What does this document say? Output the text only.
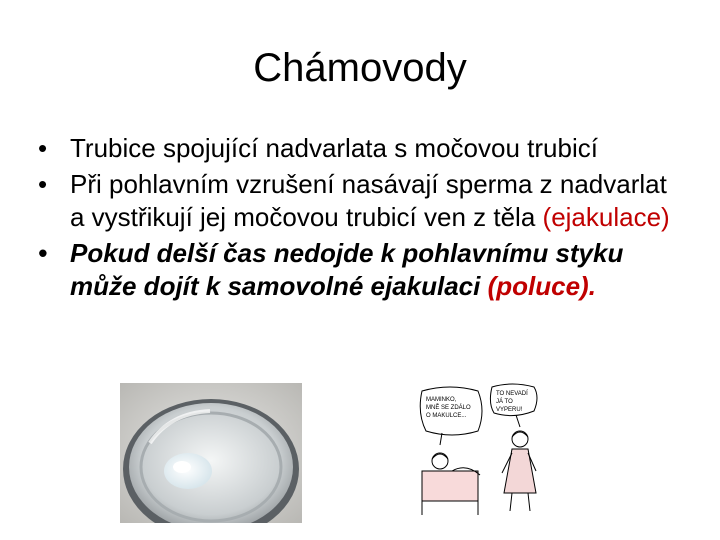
Chámovody
• Trubice spojující nadvarlata s močovou trubicí
• Při pohlavním vzrušení nasávají sperma z nadvarlat a vystřikují jej močovou trubicí ven z těla (ejakulace)
• Pokud delší čas nedojde k pohlavnímu styku může dojít k samovolné ejakulaci (poluce).
MAMINKO, MNĚ SE ZDÁLO O MAKULCE...
TO NEVADÍ JÁ TO VYPERU!
